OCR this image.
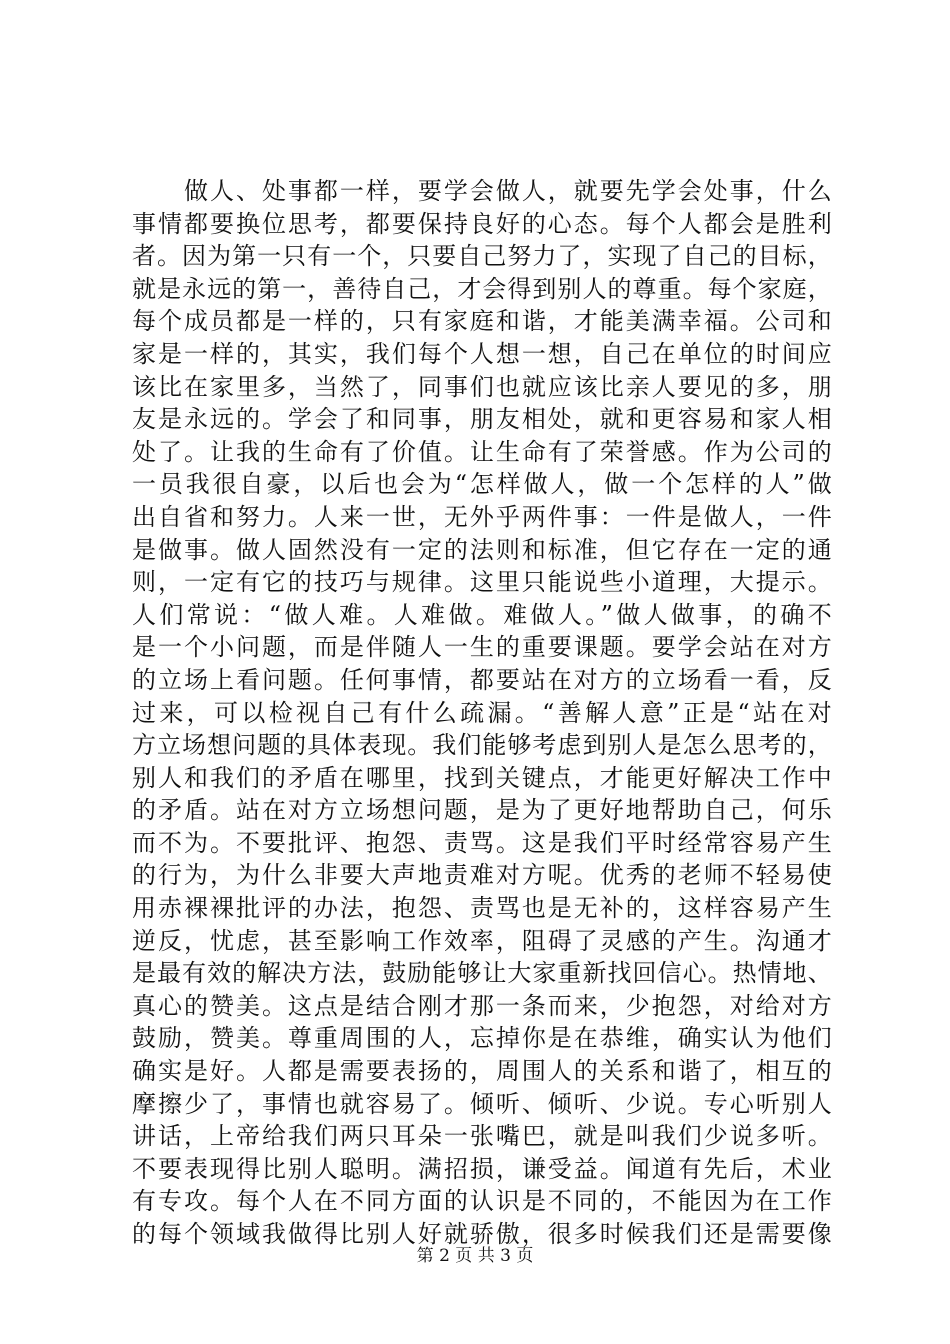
　　做人、处事都一样，要学会做人，就要先学会处事，什么
事情都要换位思考，都要保持良好的心态。每个人都会是胜利
者。因为第一只有一个，只要自己努力了，实现了自己的目标，
就是永远的第一，善待自己，才会得到别人的尊重。每个家庭，
每个成员都是一样的，只有家庭和谐，才能美满幸福。公司和
家是一样的，其实，我们每个人想一想，自己在单位的时间应
该比在家里多，当然了，同事们也就应该比亲人要见的多，朋
友是永远的。学会了和同事，朋友相处，就和更容易和家人相
处了。让我的生命有了价值。让生命有了荣誉感。作为公司的
一员我很自豪，以后也会为“怎样做人，做一个怎样的人”做
出自省和努力。人来一世，无外乎两件事：一件是做人，一件
是做事。做人固然没有一定的法则和标准，但它存在一定的通
则，一定有它的技巧与规律。这里只能说些小道理，大提示。
人们常说：“做人难。人难做。难做人。”做人做事，的确不
是一个小问题，而是伴随人一生的重要课题。要学会站在对方
的立场上看问题。任何事情，都要站在对方的立场看一看，反
过来，可以检视自己有什么疏漏。“善解人意”正是“站在对
方立场想问题的具体表现。我们能够考虑到别人是怎么思考的，
别人和我们的矛盾在哪里，找到关键点，才能更好解决工作中
的矛盾。站在对方立场想问题，是为了更好地帮助自己，何乐
而不为。不要批评、抱怨、责骂。这是我们平时经常容易产生
的行为，为什么非要大声地责难对方呢。优秀的老师不轻易使
用赤裸裸批评的办法，抱怨、责骂也是无补的，这样容易产生
逆反，忧虑，甚至影响工作效率，阻碍了灵感的产生。沟通才
是最有效的解决方法，鼓励能够让大家重新找回信心。热情地、
真心的赞美。这点是结合刚才那一条而来，少抱怨，对给对方
鼓励，赞美。尊重周围的人，忘掉你是在恭维，确实认为他们
确实是好。人都是需要表扬的，周围人的关系和谐了，相互的
摩擦少了，事情也就容易了。倾听、倾听、少说。专心听别人
讲话，上帝给我们两只耳朵一张嘴巴，就是叫我们少说多听。
不要表现得比别人聪明。满招损，谦受益。闻道有先后，术业
有专攻。每个人在不同方面的认识是不同的，不能因为在工作
的每个领域我做得比别人好就骄傲，很多时候我们还是需要像
第 2 页 共 3 页
